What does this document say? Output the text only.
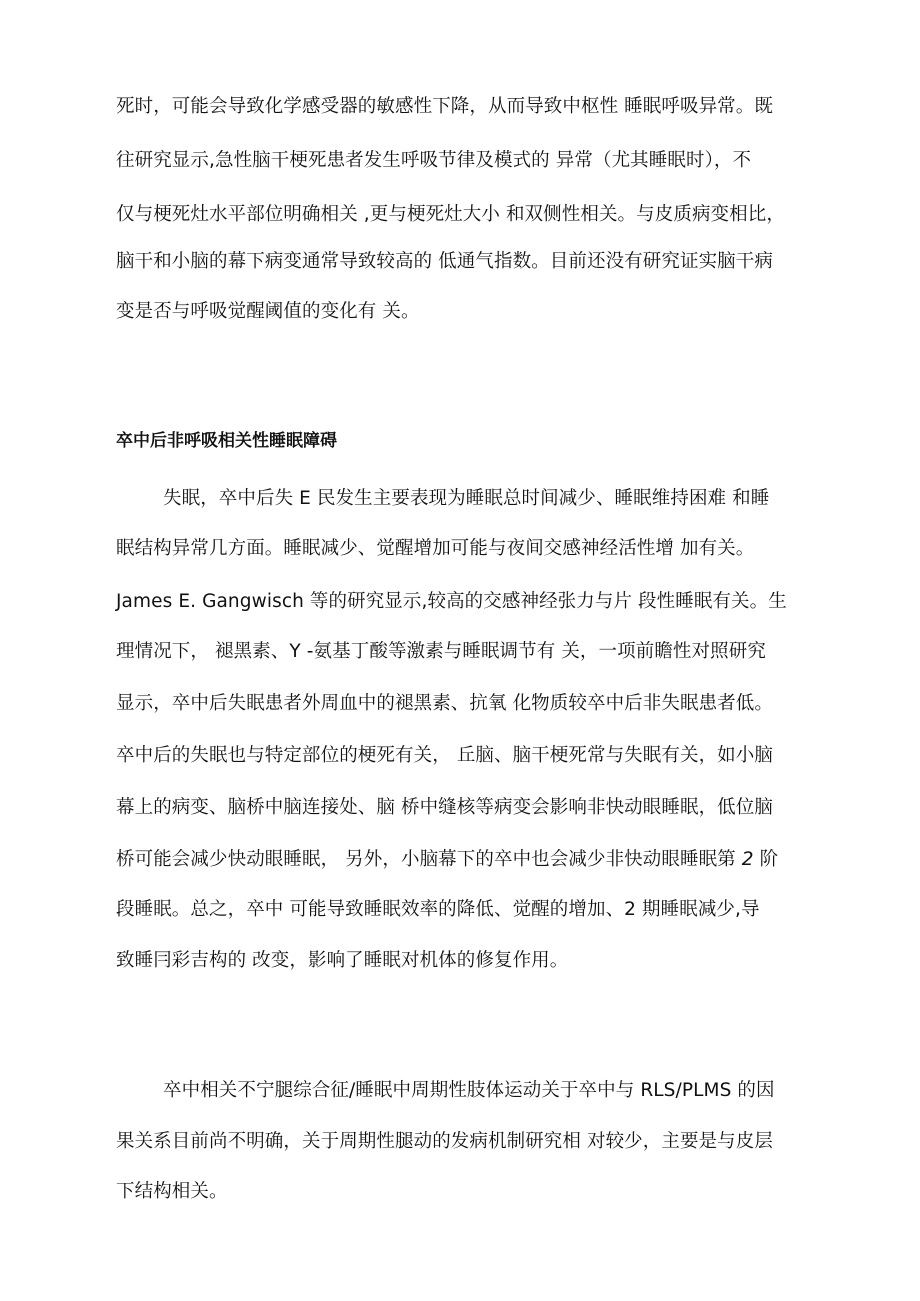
死时，可能会导致化学感受器的敏感性下降，从而导致中枢性 睡眠呼吸异常。既
往研究显示,急性脑干梗死患者发生呼吸节律及模式的 异常（尤其睡眠时），不
仅与梗死灶水平部位明确相关 ,更与梗死灶大小 和双侧性相关。与皮质病变相比，
脑干和小脑的幕下病变通常导致较高的 低通气指数。目前还没有研究证实脑干病
变是否与呼吸觉醒阈值的变化有 关。
卒中后非呼吸相关性睡眠障碍
失眠，卒中后失 E 民发生主要表现为睡眠总时间减少、睡眠维持困难 和睡
眠结构异常几方面。睡眠减少、觉醒增加可能与夜间交感神经活性增 加有关。
James E. Gangwisch 等的研究显示,较高的交感神经张力与片 段性睡眠有关。生
理情况下， 褪黑素、Y -氨基丁酸等激素与睡眠调节有 关，一项前瞻性对照研究
显示，卒中后失眠患者外周血中的褪黑素、抗氧 化物质较卒中后非失眠患者低。
卒中后的失眠也与特定部位的梗死有关， 丘脑、脑干梗死常与失眠有关，如小脑
幕上的病变、脑桥中脑连接处、脑 桥中缝核等病变会影响非快动眼睡眠，低位脑
桥可能会减少快动眼睡眠， 另外，小脑幕下的卒中也会减少非快动眼睡眠第 2 阶
段睡眠。总之，卒中 可能导致睡眠效率的降低、觉醒的增加、2 期睡眠减少,导
致睡冃彩吉构的 改变，影响了睡眠对机体的修复作用。
卒中相关不宁腿综合征/睡眠中周期性肢体运动关于卒中与 RLS/PLMS 的因
果关系目前尚不明确，关于周期性腿动的发病机制研究相 对较少，主要是与皮层
下结构相关。
